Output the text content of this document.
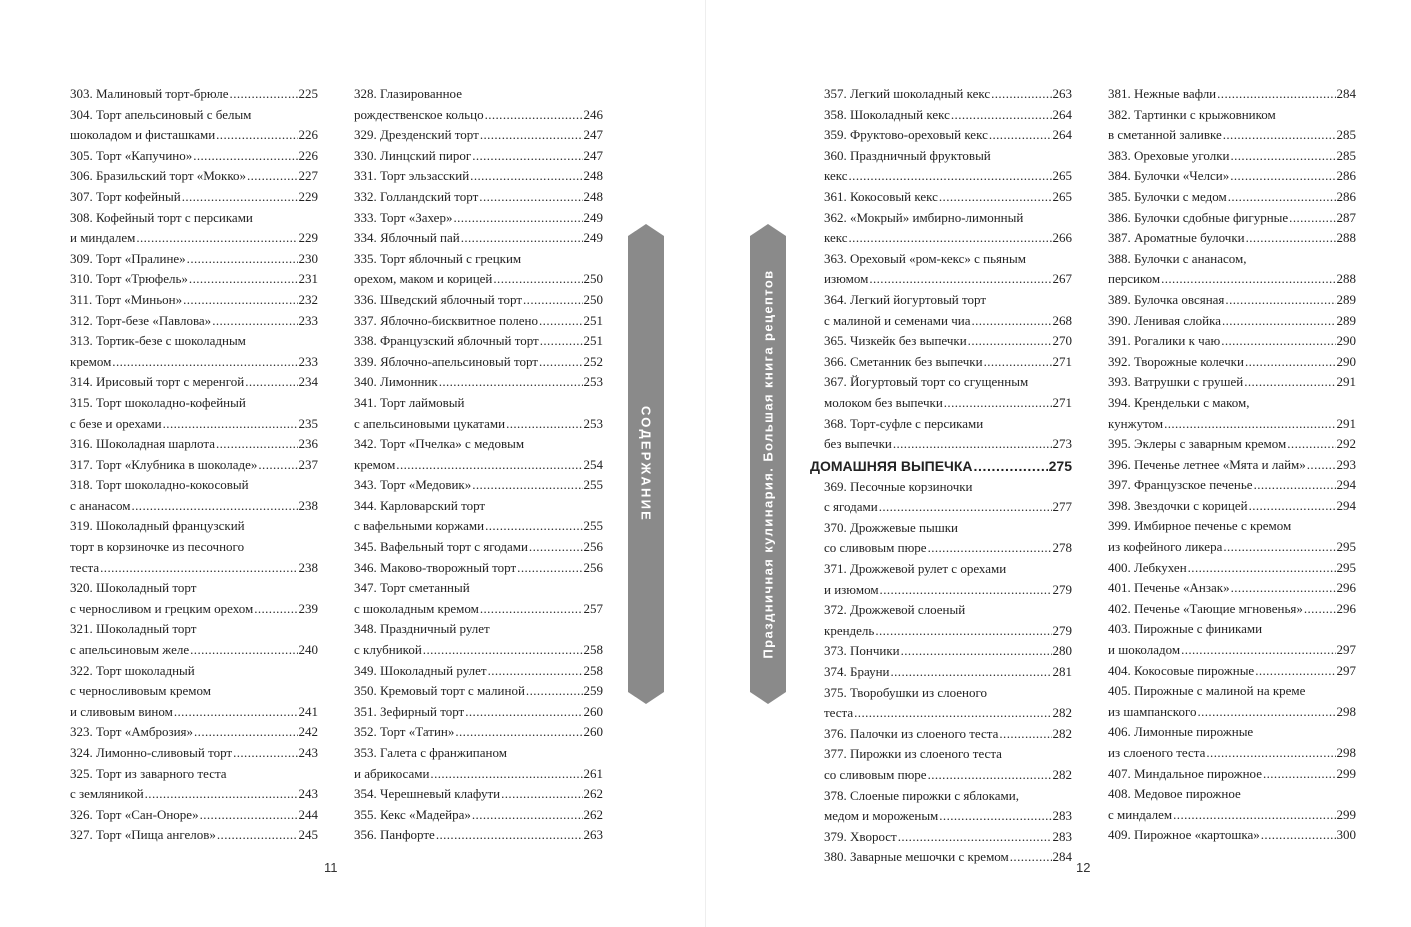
303. Малиновый торт-брюле .....	225
304. Торт апельсиновый с белым
шоколадом и фисташками .....	226
305. Торт «Капучино» .....	226
306. Бразильский торт «Мокко» .....	227
307. Торт кофейный .....	229
308. Кофейный торт с персиками
и миндалем .....	229
309. Торт «Пралине» .....	230
310. Торт «Трюфель» .....	231
311. Торт «Миньон» .....	232
312. Торт-безе «Павлова» .....	233
313. Тортик-безе с шоколадным
кремом .....	233
314. Ирисовый торт с меренгой .....	234
315. Торт шоколадно-кофейный
с безе и орехами .....	235
316. Шоколадная шарлота .....	236
317. Торт «Клубника в шоколаде» .....	237
318. Торт шоколадно-кокосовый
с ананасом .....	238
319. Шоколадный французский
торт в корзиночке из песочного
теста .....	238
320. Шоколадный торт
с черносливом и грецким орехом .....	239
321. Шоколадный торт
с апельсиновым желе .....	240
322. Торт шоколадный
с черносливовым кремом
и сливовым вином .....	241
323. Торт «Амброзия» .....	242
324. Лимонно-сливовый торт .....	243
325. Торт из заварного теста
с земляникой .....	243
326. Торт «Сан-Оноре» .....	244
327. Торт «Пища ангелов» .....	245
328. Глазированное
рождественское кольцо .....	246
329. Дрезденский торт .....	247
330. Линцский пирог .....	247
331. Торт эльзасский .....	248
332. Голландский торт .....	248
333. Торт «Захер» .....	249
334. Яблочный пай .....	249
335. Торт яблочный с грецким
орехом, маком и корицей .....	250
336. Шведский яблочный торт .....	250
337. Яблочно-бисквитное полено .....	251
338. Французский яблочный торт .....	251
339. Яблочно-апельсиновый торт .....	252
340. Лимонник .....	253
341. Торт лаймовый
с апельсиновыми цукатами .....	253
342. Торт «Пчелка» с медовым
кремом .....	254
343. Торт «Медовик» .....	255
344. Карловарский торт
с вафельными коржами .....	255
345. Вафельный торт с ягодами .....	256
346. Маково-творожный торт .....	256
347. Торт сметанный
с шоколадным кремом .....	257
348. Праздничный рулет
с клубникой .....	258
349. Шоколадный рулет .....	258
350. Кремовый торт с малиной .....	259
351. Зефирный торт .....	260
352. Торт «Татин» .....	260
353. Галета с франжипаном
и абрикосами .....	261
354. Черешневый клафути .....	262
355. Кекс «Мадейра» .....	262
356. Панфорте .....	263
СОДЕРЖАНИЕ
11
Праздничная кулинария. Большая книга рецептов
357. Легкий шоколадный кекс .....	263
358. Шоколадный кекс .....	264
359. Фруктово-ореховый кекс .....	264
360. Праздничный фруктовый
кекс .....	265
361. Кокосовый кекс .....	265
362. «Мокрый» имбирно-лимонный
кекс .....	266
363. Ореховый «ром-кекс» с пьяным
изюмом .....	267
364. Легкий йогуртовый торт
с малиной и семенами чиа .....	268
365. Чизкейк без выпечки .....	270
366. Сметанник без выпечки .....	271
367. Йогуртовый торт со сгущенным
молоком без выпечки .....	271
368. Торт-суфле с персиками
без выпечки .....	273
ДОМАШНЯЯ ВЫПЕЧКА .....	275
369. Песочные корзиночки
с ягодами .....	277
370. Дрожжевые пышки
со сливовым пюре .....	278
371. Дрожжевой рулет с орехами
и изюмом .....	279
372. Дрожжевой слоеный
крендель .....	279
373. Пончики .....	280
374. Брауни .....	281
375. Творобушки из слоеного
теста .....	282
376. Палочки из слоеного теста .....	282
377. Пирожки из слоеного теста
со сливовым пюре .....	282
378. Слоеные пирожки с яблоками,
медом и мороженым .....	283
379. Хворост .....	283
380. Заварные мешочки с кремом .....	284
381. Нежные вафли .....	284
382. Тартинки с крыжовником
в сметанной заливке .....	285
383. Ореховые уголки .....	285
384. Булочки «Челси» .....	286
385. Булочки с медом .....	286
386. Булочки сдобные фигурные .....	287
387. Ароматные булочки .....	288
388. Булочки с ананасом,
персиком .....	288
389. Булочка овсяная .....	289
390. Ленивая слойка .....	289
391. Рогалики к чаю .....	290
392. Творожные колечки .....	290
393. Ватрушки с грушей .....	291
394. Крендельки с маком,
кунжутом .....	291
395. Эклеры с заварным кремом .....	292
396. Печенье летнее «Мята и лайм» ..... 293
397. Французское печенье .....	294
398. Звездочки с корицей .....	294
399. Имбирное печенье с кремом
из кофейного ликера .....	295
400. Лебкухен .....	295
401. Печенье «Анзак» .....	296
402. Печенье «Тающие мгновенья» .....	296
403. Пирожные с финиками
и шоколадом .....	297
404. Кокосовые пирожные .....	297
405. Пирожные с малиной на креме
из шампанского .....	298
406. Лимонные пирожные
из слоеного теста .....	298
407. Миндальное пирожное .....	299
408. Медовое пирожное
с миндалем .....	299
409. Пирожное «картошка» .....	300
12
